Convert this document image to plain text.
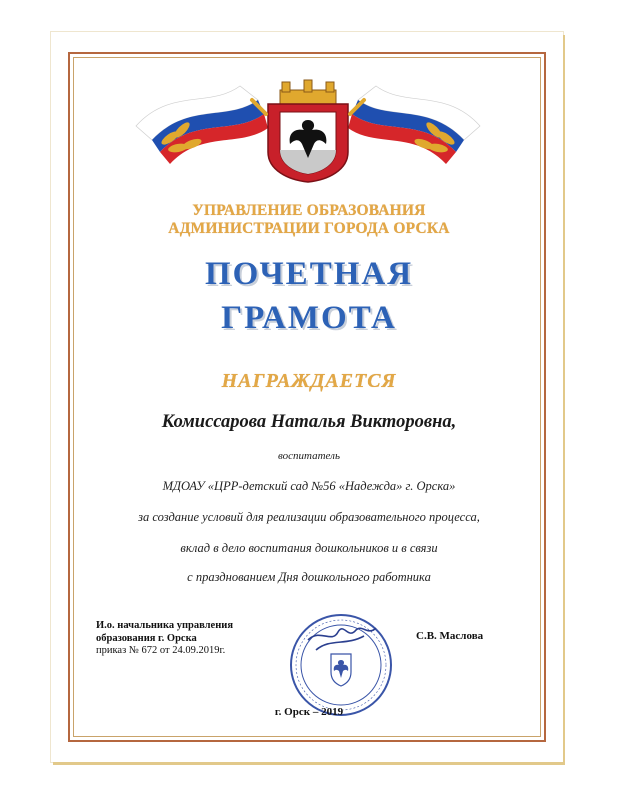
УПРАВЛЕНИЕ ОБРАЗОВАНИЯ
АДМИНИСТРАЦИИ ГОРОДА ОРСКА
ПОЧЕТНАЯ
ГРАМОТА
НАГРАЖДАЕТСЯ
Комиссарова Наталья Викторовна,
воспитатель
МДОАУ «ЦРР-детский сад №56 «Надежда» г. Орска»
за создание условий для реализации образовательного процесса,
вклад в дело воспитания дошкольников и в связи
с празднованием Дня дошкольного работника
И.о. начальника управления
образования г. Орска
приказ № 672 от 24.09.2019г.
С.В. Маслова
г. Орск – 2019
